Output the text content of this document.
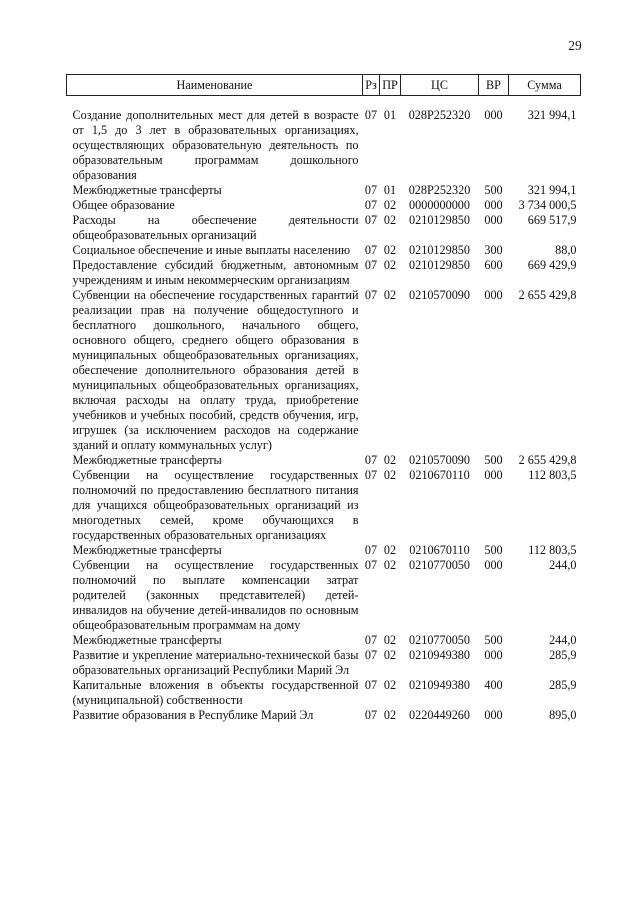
29
Наименование	Рз	ПР	ЦС	ВР	Сумма
Создание дополнительных мест для детей в возрасте от 1,5 до 3 лет в образовательных организациях, осуществляющих образовательную деятельность по образовательным программам дошкольного образования	07	01	028P252320	000	321 994,1
Межбюджетные трансферты	07	01	028P252320	500	321 994,1
Общее образование	07	02	0000000000	000	3 734 000,5
Расходы на обеспечение деятельности общеобразовательных организаций	07	02	0210129850	000	669 517,9
Социальное обеспечение и иные выплаты населению	07	02	0210129850	300	88,0
Предоставление субсидий бюджетным, автономным учреждениям и иным некоммерческим организациям	07	02	0210129850	600	669 429,9
Субвенции на обеспечение государственных гарантий реализации прав на получение общедоступного и бесплатного дошкольного, начального общего, основного общего, среднего общего образования в муниципальных общеобразовательных организациях, обеспечение дополнительного образования детей в муниципальных общеобразовательных организациях, включая расходы на оплату труда, приобретение учебников и учебных пособий, средств обучения, игр, игрушек (за исключением расходов на содержание зданий и оплату коммунальных услуг)	07	02	0210570090	000	2 655 429,8
Межбюджетные трансферты	07	02	0210570090	500	2 655 429,8
Субвенции на осуществление государственных полномочий по предоставлению бесплатного питания для учащихся общеобразовательных организаций из многодетных семей, кроме обучающихся в государственных образовательных организациях	07	02	0210670110	000	112 803,5
Межбюджетные трансферты	07	02	0210670110	500	112 803,5
Субвенции на осуществление государственных полномочий по выплате компенсации затрат родителей (законных представителей) детей-инвалидов на обучение детей-инвалидов по основным общеобразовательным программам на дому	07	02	0210770050	000	244,0
Межбюджетные трансферты	07	02	0210770050	500	244,0
Развитие и укрепление материально-технической базы образовательных организаций Республики Марий Эл	07	02	0210949380	000	285,9
Капитальные вложения в объекты государственной (муниципальной) собственности	07	02	0210949380	400	285,9
Развитие образования в Республике Марий Эл	07	02	0220449260	000	895,0
